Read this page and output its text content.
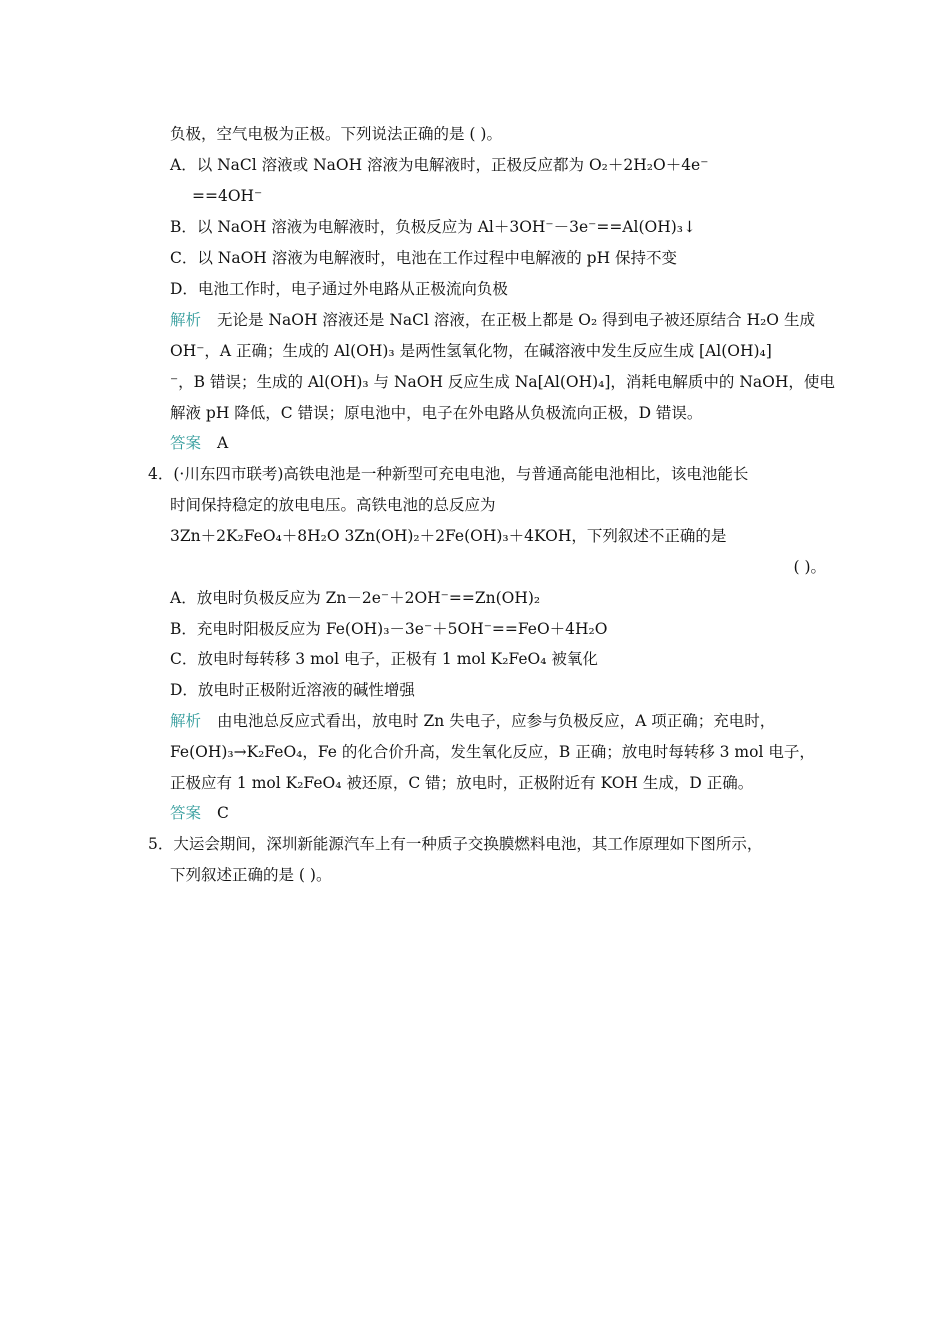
负极，空气电极为正极。下列说法正确的是 ( )。
A．以 NaCl 溶液或 NaOH 溶液为电解液时，正极反应都为 O₂＋2H₂O＋4e⁻
==4OH⁻
B．以 NaOH 溶液为电解液时，负极反应为 Al＋3OH⁻－3e⁻==Al(OH)₃↓
C．以 NaOH 溶液为电解液时，电池在工作过程中电解液的 pH 保持不变
D．电池工作时，电子通过外电路从正极流向负极
解析 无论是 NaOH 溶液还是 NaCl 溶液，在正极上都是 O₂ 得到电子被还原结合 H₂O 生成
OH⁻，A 正确；生成的 Al(OH)₃ 是两性氢氧化物，在碱溶液中发生反应生成 [Al(OH)₄]
⁻，B 错误；生成的 Al(OH)₃ 与 NaOH 反应生成 Na[Al(OH)₄]，消耗电解质中的 NaOH，使电
解液 pH 降低，C 错误；原电池中，电子在外电路从负极流向正极，D 错误。
答案 A
4．(·川东四市联考)高铁电池是一种新型可充电电池，与普通高能电池相比，该电池能长
时间保持稳定的放电电压。高铁电池的总反应为
3Zn＋2K₂FeO₄＋8H₂O 3Zn(OH)₂＋2Fe(OH)₃＋4KOH，下列叙述不正确的是
( )。
A．放电时负极反应为 Zn－2e⁻＋2OH⁻==Zn(OH)₂
B．充电时阳极反应为 Fe(OH)₃－3e⁻＋5OH⁻==FeO＋4H₂O
C．放电时每转移 3 mol 电子，正极有 1 mol K₂FeO₄ 被氧化
D．放电时正极附近溶液的碱性增强
解析 由电池总反应式看出，放电时 Zn 失电子，应参与负极反应，A 项正确；充电时，
Fe(OH)₃→K₂FeO₄，Fe 的化合价升高，发生氧化反应，B 正确；放电时每转移 3 mol 电子，
正极应有 1 mol K₂FeO₄ 被还原，C 错；放电时，正极附近有 KOH 生成，D 正确。
答案 C
5．大运会期间，深圳新能源汽车上有一种质子交换膜燃料电池，其工作原理如下图所示，
下列叙述正确的是 ( )。
